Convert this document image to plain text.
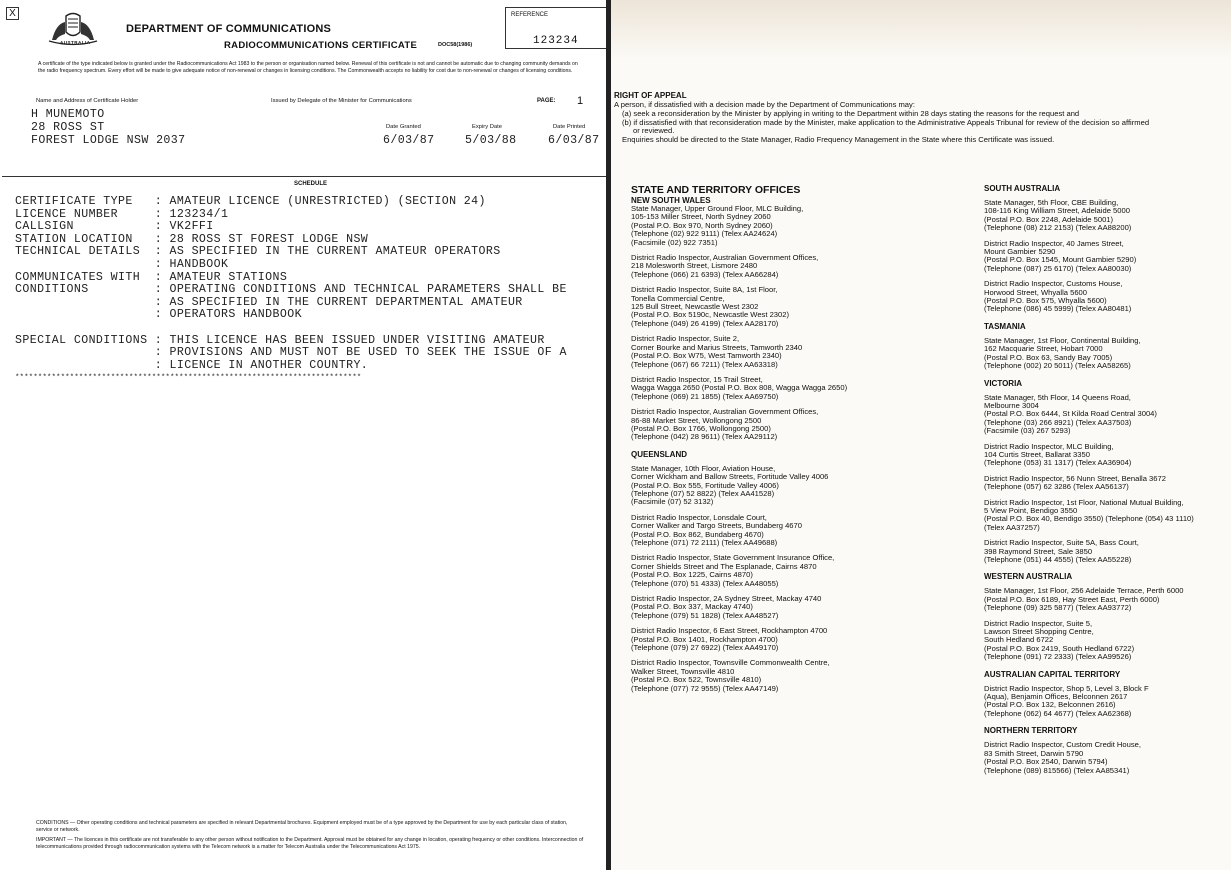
X
AUSTRALIA
DEPARTMENT OF COMMUNICATIONS
RADIOCOMMUNICATIONS CERTIFICATE	DOC58(1986)
REFERENCE
123234
A certificate of the type indicated below is granted under the Radiocommunications Act 1983 to the person or organisation named below. Renewal of this certificate is not and cannot be automatic due to changing community demands on the radio frequency spectrum. Every effort will be made to give adequate notice of non-renewal or changes in licensing conditions. The Commonwealth accepts no liability for cost due to non-renewal or changes of licensing conditions.
Name and Address of Certificate Holder	Issued by Delegate of the Minister for Communications	PAGE: 1
H MUNEMOTO
28 ROSS ST
FOREST LODGE NSW 2037
Date Granted	Expiry Date	Date Printed
6/03/87	5/03/88	6/03/87
SCHEDULE
CERTIFICATE TYPE   : AMATEUR LICENCE (UNRESTRICTED) (SECTION 24)
LICENCE NUMBER     : 123234/1
CALLSIGN           : VK2FFI
STATION LOCATION   : 28 ROSS ST FOREST LODGE NSW
TECHNICAL DETAILS  : AS SPECIFIED IN THE CURRENT AMATEUR OPERATORS
: HANDBOOK
COMMUNICATES WITH  : AMATEUR STATIONS
CONDITIONS         : OPERATING CONDITIONS AND TECHNICAL PARAMETERS SHALL BE
: AS SPECIFIED IN THE CURRENT DEPARTMENTAL AMATEUR
: OPERATORS HANDBOOK
SPECIAL CONDITIONS : THIS LICENCE HAS BEEN ISSUED UNDER VISITING AMATEUR
: PROVISIONS AND MUST NOT BE USED TO SEEK THE ISSUE OF A
: LICENCE IN ANOTHER COUNTRY.
****************************************************************************
CONDITIONS — Other operating conditions and technical parameters are specified in relevant Departmental brochures. Equipment employed must be of a type approved by the Department for use by each particular class of station, service or network.
IMPORTANT — The licences in this certificate are not transferable to any other person without notification to the Department. Approval must be obtained for any change in location, operating frequency or other conditions. Interconnection of telecommunications provided through radiocommunication systems with the Telecom network is a matter for Telecom Australia under the Telecommunications Act 1975.
RIGHT OF APPEAL
A person, if dissatisfied with a decision made by the Department of Communications may:
(a) seek a reconsideration by the Minister by applying in writing to the Department within 28 days stating the reasons for the request and
(b) if dissatisfied with that reconsideration made by the Minister, make application to the Administrative Appeals Tribunal for review of the decision so affirmed
or reviewed.
Enquiries should be directed to the State Manager, Radio Frequency Management in the State where this Certificate was issued.
STATE AND TERRITORY OFFICES
NEW SOUTH WALES
State Manager, Upper Ground Floor, MLC Building,
105-153 Miller Street, North Sydney 2060
(Postal P.O. Box 970, North Sydney 2060)
(Telephone (02) 922 9111) (Telex AA24624)
(Facsimile (02) 922 7351)
District Radio Inspector, Australian Government Offices,
218 Molesworth Street, Lismore 2480
(Telephone (066) 21 6393) (Telex AA66284)
District Radio Inspector, Suite 8A, 1st Floor,
Tonella Commercial Centre,
125 Bull Street, Newcastle West 2302
(Postal P.O. Box 5190c, Newcastle West 2302)
(Telephone (049) 26 4199) (Telex AA28170)
District Radio Inspector, Suite 2,
Corner Bourke and Marius Streets, Tamworth 2340
(Postal P.O. Box W75, West Tamworth 2340)
(Telephone (067) 66 7211) (Telex AA63318)
District Radio Inspector, 15 Trail Street,
Wagga Wagga 2650 (Postal P.O. Box 808, Wagga Wagga 2650)
(Telephone (069) 21 1855) (Telex AA69750)
District Radio Inspector, Australian Government Offices,
86-88 Market Street, Wollongong 2500
(Postal P.O. Box 1766, Wollongong 2500)
(Telephone (042) 28 9611) (Telex AA29112)
QUEENSLAND
State Manager, 10th Floor, Aviation House,
Corner Wickham and Ballow Streets, Fortitude Valley 4006
(Postal P.O. Box 555, Fortitude Valley 4006)
(Telephone (07) 52 8822) (Telex AA41528)
(Facsimile (07) 52 3132)
District Radio Inspector, Lonsdale Court,
Corner Walker and Targo Streets, Bundaberg 4670
(Postal P.O. Box 862, Bundaberg 4670)
(Telephone (071) 72 2111) (Telex AA49688)
District Radio Inspector, State Government Insurance Office,
Corner Shields Street and The Esplanade, Cairns 4870
(Postal P.O. Box 1225, Cairns 4870)
(Telephone (070) 51 4333) (Telex AA48055)
District Radio Inspector, 2A Sydney Street, Mackay 4740
(Postal P.O. Box 337, Mackay 4740)
(Telephone (079) 51 1828) (Telex AA48527)
District Radio Inspector, 6 East Street, Rockhampton 4700
(Postal P.O. Box 1401, Rockhampton 4700)
(Telephone (079) 27 6922) (Telex AA49170)
District Radio Inspector, Townsville Commonwealth Centre,
Walker Street, Townsville 4810
(Postal P.O. Box 522, Townsville 4810)
(Telephone (077) 72 9555) (Telex AA47149)
SOUTH AUSTRALIA
State Manager, 5th Floor, CBE Building,
108-116 King William Street, Adelaide 5000
(Postal P.O. Box 2248, Adelaide 5001)
(Telephone (08) 212 2153) (Telex AA88200)
District Radio Inspector, 40 James Street,
Mount Gambier 5290
(Postal P.O. Box 1545, Mount Gambier 5290)
(Telephone (087) 25 6170) (Telex AA80030)
District Radio Inspector, Customs House,
Horwood Street, Whyalla 5600
(Postal P.O. Box 575, Whyalla 5600)
(Telephone (086) 45 5999) (Telex AA80481)
TASMANIA
State Manager, 1st Floor, Continental Building,
162 Macquarie Street, Hobart 7000
(Postal P.O. Box 63, Sandy Bay 7005)
(Telephone (002) 20 5011) (Telex AA58265)
VICTORIA
State Manager, 5th Floor, 14 Queens Road,
Melbourne 3004
(Postal P.O. Box 6444, St Kilda Road Central 3004)
(Telephone (03) 266 8921) (Telex AA37503)
(Facsimile (03) 267 5293)
District Radio Inspector, MLC Building,
104 Curtis Street, Ballarat 3350
(Telephone (053) 31 1317) (Telex AA36904)
District Radio Inspector, 56 Nunn Street, Benalla 3672
(Telephone (057) 62 3286 (Telex AA56137)
District Radio Inspector, 1st Floor, National Mutual Building,
5 View Point, Bendigo 3550
(Postal P.O. Box 40, Bendigo 3550) (Telephone (054) 43 1110)
(Telex AA37257)
District Radio Inspector, Suite 5A, Bass Court,
398 Raymond Street, Sale 3850
(Telephone (051) 44 4555) (Telex AA55228)
WESTERN AUSTRALIA
State Manager, 1st Floor, 256 Adelaide Terrace, Perth 6000
(Postal P.O. Box 6189, Hay Street East, Perth 6000)
(Telephone (09) 325 5877) (Telex AA93772)
District Radio Inspector, Suite 5,
Lawson Street Shopping Centre,
South Hedland 6722
(Postal P.O. Box 2419, South Hedland 6722)
(Telephone (091) 72 2333) (Telex AA99526)
AUSTRALIAN CAPITAL TERRITORY
District Radio Inspector, Shop 5, Level 3, Block F
(Aqua), Benjamin Offices, Belconnen 2617
(Postal P.O. Box 132, Belconnen 2616)
(Telephone (062) 64 4677) (Telex AA62368)
NORTHERN TERRITORY
District Radio Inspector, Custom Credit House,
83 Smith Street, Darwin 5790
(Postal P.O. Box 2540, Darwin 5794)
(Telephone (089) 815566) (Telex AA85341)
